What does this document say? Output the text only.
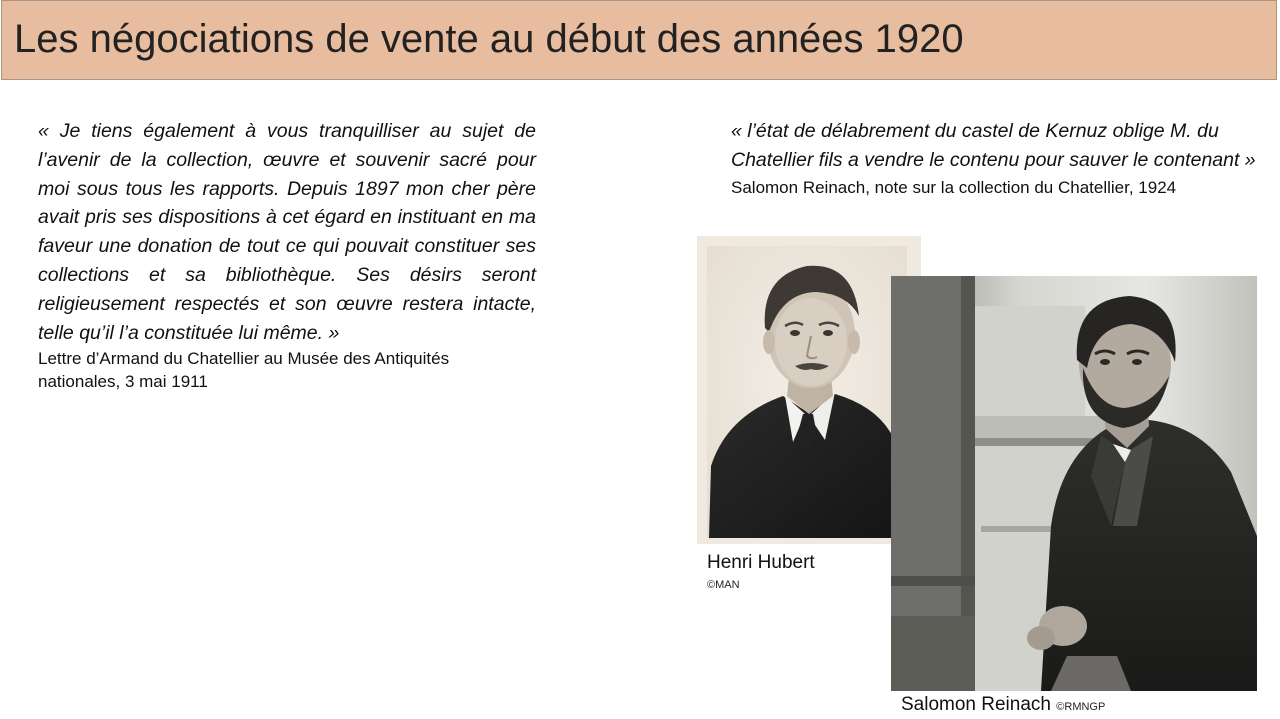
Les négociations de vente au début des années 1920

« Je tiens également à vous tranquilliser au sujet de l’avenir de la collection, œuvre et souvenir sacré pour moi sous tous les rapports. Depuis 1897 mon cher père avait pris ses dispositions à cet égard en instituant en ma faveur une donation de tout ce qui pouvait constituer ses collections et sa bibliothèque. Ses désirs seront religieusement respectés et son œuvre restera intacte, telle qu’il l’a constituée lui même. »

Lettre d’Armand du Chatellier au Musée des Antiquités nationales, 3 mai 1911

« l’état de délabrement du castel de Kernuz oblige M. du Chatellier fils a vendre le contenu pour sauver le contenant »

Salomon Reinach, note sur la collection du Chatellier, 1924

Henri Hubert
©MAN
Salomon Reinach ©RMNGP
